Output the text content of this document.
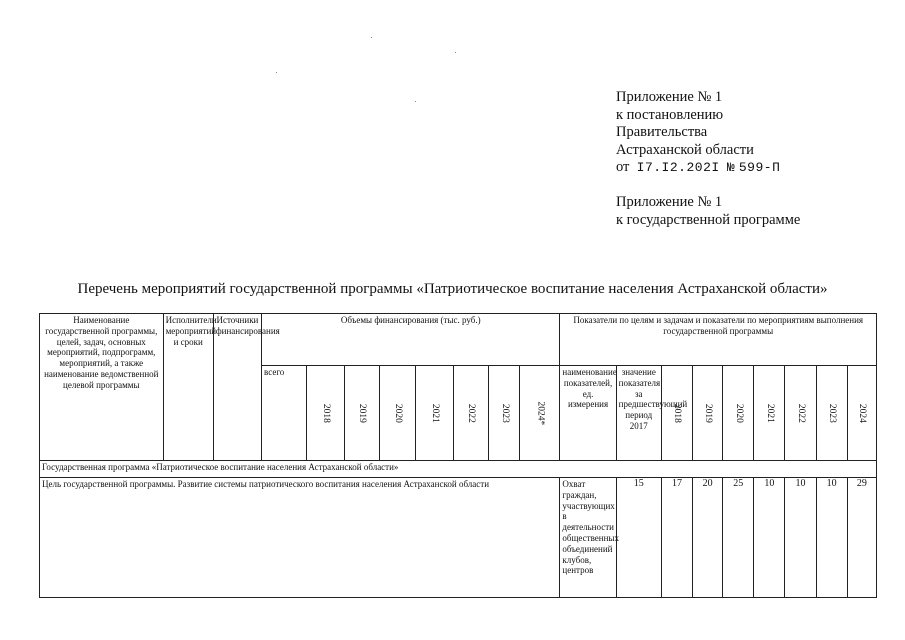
Приложение № 1
к постановлению
Правительства
Астраханской области
от I7.I2.202I № 599-П
Приложение № 1
к государственной программе
Перечень мероприятий государственной программы «Патриотическое воспитание населения Астраханской области»
Наименование государственной программы, целей, задач, основных мероприятий, подпрограмм, мероприятий, а также наименование ведомственной целевой программы	Исполнители мероприятий и сроки	Источники финансирования	Объемы финансирования (тыс. руб.)								Показатели по целям и задачам и показатели по мероприятиям выполнения государственной программы								
			всего	2018	2019	2020	2021	2022	2023	2024*	наименование показателей, ед. измерения	значение показателя за предшествующий период 2017	2018	2019	2020	2021	2022	2023	2024
Государственная программа «Патриотическое воспитание населения Астраханской области»																			
Цель государственной программы. Развитие системы патриотического воспитания населения Астраханской области											Охват граждан, участвующих в деятельности общественных объединений клубов, центров	15	17	20	25	10	10	10	29
